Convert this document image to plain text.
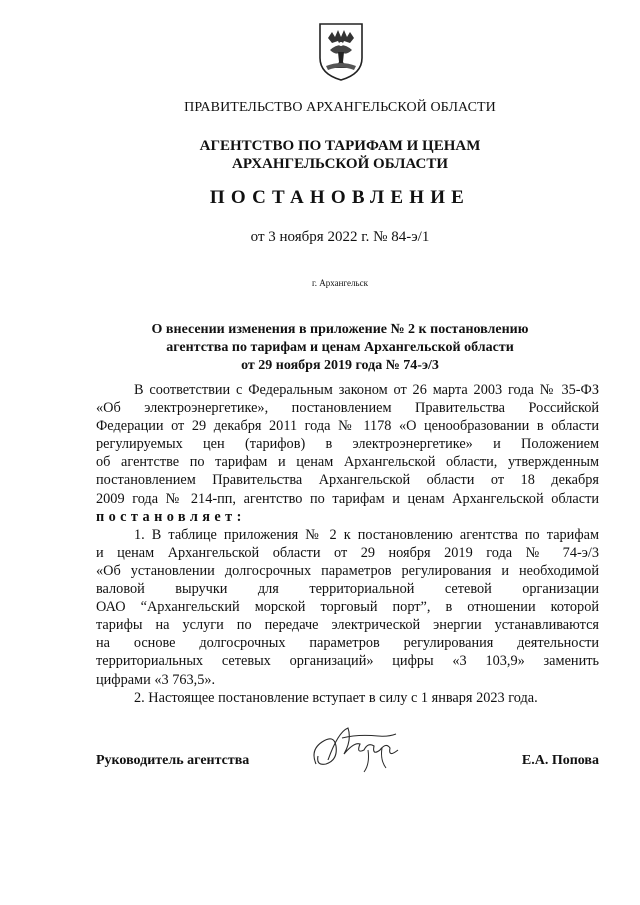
ПРАВИТЕЛЬСТВО АРХАНГЕЛЬСКОЙ ОБЛАСТИ
АГЕНТСТВО ПО ТАРИФАМ И ЦЕНАМ
АРХАНГЕЛЬСКОЙ ОБЛАСТИ
ПОСТАНОВЛЕНИЕ
от 3 ноября 2022 г. № 84-э/1
г. Архангельск
О внесении изменения в приложение № 2 к постановлению
агентства по тарифам и ценам Архангельской области
от 29 ноября 2019 года № 74-э/3

В соответствии с Федеральным законом от 26 марта 2003 года № 35-ФЗ

«Об электроэнергетике», постановлением Правительства Российской

Федерации от 29 декабря 2011 года № 1178 «О ценообразовании в области

регулируемых цен (тарифов) в электроэнергетике» и Положением

об агентстве по тарифам и ценам Архангельской области, утвержденным

постановлением Правительства Архангельской области от 18 декабря

2009 года № 214-пп, агентство по тарифам и ценам Архангельской области

постановляет:

1. В таблице приложения № 2 к постановлению агентства по тарифам

и ценам Архангельской области от 29 ноября 2019 года № 74-э/3

«Об установлении долгосрочных параметров регулирования и необходимой

валовой выручки для территориальной сетевой организации

ОАО “Архангельский морской торговый порт”, в отношении которой

тарифы на услуги по передаче электрической энергии устанавливаются

на основе долгосрочных параметров регулирования деятельности

территориальных сетевых организаций» цифры «3 103,9» заменить

цифрами «3 763,5».

2. Настоящее постановление вступает в силу с 1 января 2023 года.

Руководитель агентства	Е.А. Попова
